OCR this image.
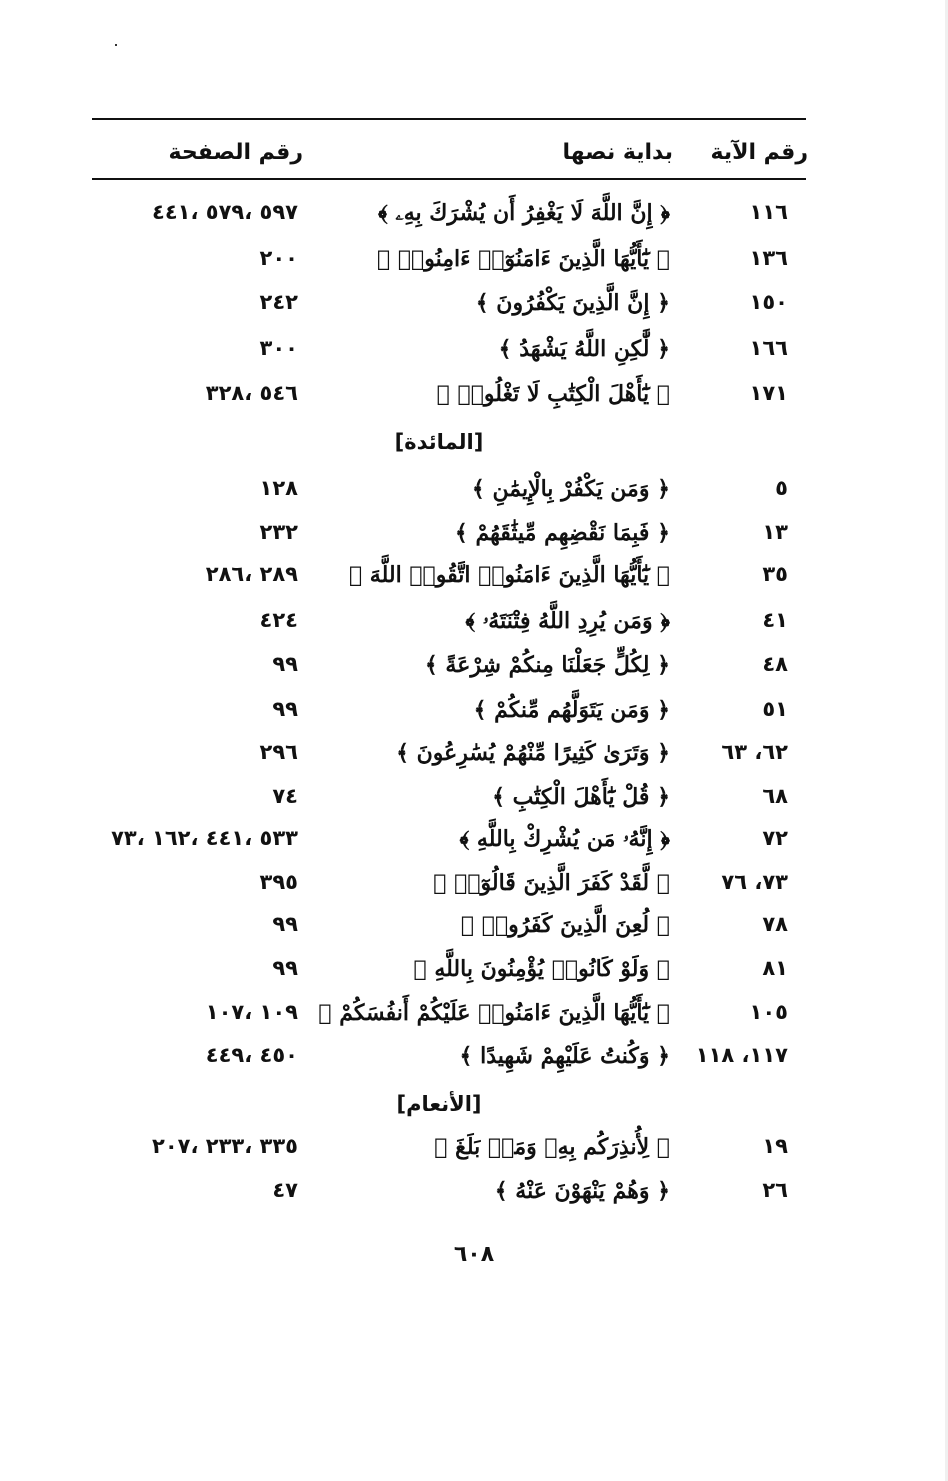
رقم الآية
بداية نصها
رقم الصفحة
١١٦
﴿ إِنَّ اللَّهَ لَا يَغْفِرُ أَن يُشْرَكَ بِهِۦ ﴾
٥٩٧ ،٥٧٩ ،٤٤١
١٣٦
﴿ يَٰٓأَيُّهَا الَّذِينَ ءَامَنُوٓا۟ ءَامِنُوا۟ ﴾
٢٠٠
١٥٠
﴿ إِنَّ الَّذِينَ يَكْفُرُونَ ﴾
٢٤٢
١٦٦
﴿ لَّٰكِنِ اللَّهُ يَشْهَدُ ﴾
٣٠٠
١٧١
﴿ يَٰٓأَهْلَ الْكِتَٰبِ لَا تَغْلُوا۟ ﴾
٥٤٦ ،٣٢٨
[المائدة]
٥
﴿ وَمَن يَكْفُرْ بِالْإِيمَٰنِ ﴾
١٢٨
١٣
﴿ فَبِمَا نَقْضِهِم مِّيثَٰقَهُمْ ﴾
٢٣٢
٣٥
﴿ يَٰٓأَيُّهَا الَّذِينَ ءَامَنُوا۟ اتَّقُوا۟ اللَّهَ ﴾
٢٨٩ ،٢٨٦
٤١
﴿ وَمَن يُرِدِ اللَّهُ فِتْنَتَهُۥ ﴾
٤٢٤
٤٨
﴿ لِكُلٍّ جَعَلْنَا مِنكُمْ شِرْعَةً ﴾
٩٩
٥١
﴿ وَمَن يَتَوَلَّهُم مِّنكُمْ ﴾
٩٩
٦٢، ٦٣
﴿ وَتَرَىٰ كَثِيرًا مِّنْهُمْ يُسَٰرِعُونَ ﴾
٢٩٦
٦٨
﴿ قُلْ يَٰٓأَهْلَ الْكِتَٰبِ ﴾
٧٤
٧٢
﴿ إِنَّهُۥ مَن يُشْرِكْ بِاللَّهِ ﴾
٥٣٣ ،٤٤١ ،١٦٢ ،٧٣
٧٣، ٧٦
﴿ لَّقَدْ كَفَرَ الَّذِينَ قَالُوٓا۟ ﴾
٣٩٥
٧٨
﴿ لُعِنَ الَّذِينَ كَفَرُوا۟ ﴾
٩٩
٨١
﴿ وَلَوْ كَانُوا۟ يُؤْمِنُونَ بِاللَّهِ ﴾
٩٩
١٠٥
﴿ يَٰٓأَيُّهَا الَّذِينَ ءَامَنُوا۟ عَلَيْكُمْ أَنفُسَكُمْ ﴾
١٠٩ ،١٠٧
١١٧، ١١٨
﴿ وَكُنتُ عَلَيْهِمْ شَهِيدًا ﴾
٤٥٠ ،٤٤٩
[الأنعام]
١٩
﴿ لِأُنذِرَكُم بِهِۦ وَمَنۢ بَلَغَ ﴾
٣٣٥ ،٢٣٣ ،٢٠٧
٢٦
﴿ وَهُمْ يَنْهَوْنَ عَنْهُ ﴾
٤٧
٦٠٨
